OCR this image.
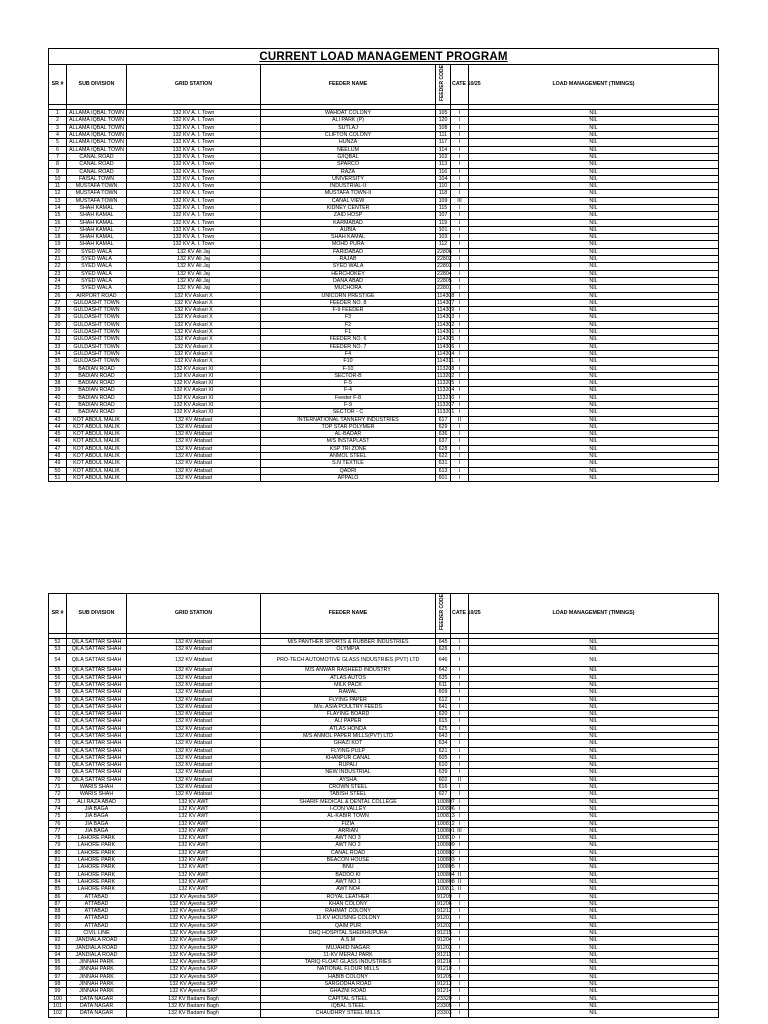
CURRENT LOAD MANAGEMENT PROGRAM						
SR #	SUB DIVISION	GRID STATION	FEEDER NAME	FEEDER CODE	CATE 10/25	LOAD MANAGEMENT (TIMINGS)

1	ALLAMA IQBAL TOWN	132 KV A. I. Town	WAHDAT COLONY	105	I	NIL
2	ALLAMA IQBAL TOWN	132 KV A. I. Town	ALI PARK (P)	120	I	NIL
3	ALLAMA IQBAL TOWN	132 KV A. I. Town	SUTLAJ	108	I	NIL
4	ALLAMA IQBAL TOWN	132 KV A. I. Town	CLIFTON COLONY	111	I	NIL
5	ALLAMA IQBAL TOWN	132 KV A. I. Town	HUNZA	117	I	NIL
6	ALLAMA IQBAL TOWN	132 KV A. I. Town	NEELUM	114	I	NIL
7	CANAL ROAD	132 KV A. I. Town	G/IQBAL	102	I	NIL
8	CANAL ROAD	132 KV A. I. Town	SPARCO	113	I	NIL
9	CANAL ROAD	132 KV A. I. Town	RAZA	116	I	NIL
10	FAISAL TOWN	132 KV A. I. Town	UNIVERSITY	104	I	NIL
11	MUSTAFA TOWN	132 KV A. I. Town	INDUSTRIAL-II	110	I	NIL
12	MUSTAFA TOWN	132 KV A. I. Town	MUSTAFA TOWN-II	118	I	NIL
13	MUSTAFA TOWN	132 KV A. I. Town	CANAL VIEW	109	III	NIL
14	SHAH KAMAL	132 KV A. I. Town	KIDNEY CENTER	115	I	NIL
15	SHAH KAMAL	132 KV A. I. Town	ZAID HOSP	107	I	NIL
16	SHAH KAMAL	132 KV A. I. Town	KARMABAD	119	I	NIL
17	SHAH KAMAL	132 KV A. I. Town	AUBIA	101	I	NIL
18	SHAH KAMAL	132 KV A. I. Town	SHAH KAMAL	103	I	NIL
19	SHAH KAMAL	132 KV A. I. Town	MOHD PURA	112	I	NIL
20	SYED WALA	132 KV Ali Jaj	FARIDABAD	22806	I	NIL
21	SYED WALA	132 KV Ali Jaj	RAJAB	22802	I	NIL
22	SYED WALA	132 KV Ali Jaj	SYED WALA	22803	I	NIL
23	SYED WALA	132 KV Ali Jaj	HERCHOKEY	22804	I	NIL
24	SYED WALA	132 KV Ali Jaj	DANA ABAD	22805	I	NIL
25	SYED WALA	132 KV Ali Jaj	MUCHORA	22801	I	NIL
26	AIRPORT ROAD	132 KV Askari X	UNICORN PRESTIGE	114308	I	NIL
27	GULDASHT TOWN	132 KV Askari X	FEEDER NO. 8	114307	I	NIL
28	GULDASHT TOWN	132 KV Askari X	F-9 FEEDER	114309	I	NIL
29	GULDASHT TOWN	132 KV Askari X	F3	114303	I	NIL
30	GULDASHT TOWN	132 KV Askari X	F2	114302	I	NIL
31	GULDASHT TOWN	132 KV Askari X	F1	114301	I	NIL
32	GULDASHT TOWN	132 KV Askari X	FEEDER NO. 6	114305	I	NIL
33	GULDASHT TOWN	132 KV Askari X	FEEDER NO. 7	114306	I	NIL
34	GULDASHT TOWN	132 KV Askari X	F4	114304	I	NIL
35	GULDASHT TOWN	132 KV Askari X	F10	114311	I	NIL
36	BADIAN ROAD	132 KV Askari XI	F-10	113208	I	NIL
37	BADIAN ROAD	132 KV Askari XI	SECTOR-B	113202	I	NIL
38	BADIAN ROAD	132 KV Askari XI	F-5	113205	I	NIL
39	BADIAN ROAD	132 KV Askari XI	F-4	113204	I	NIL
40	BADIAN ROAD	132 KV Askari XI	Feeder F-8	113210	I	NIL
41	BADIAN ROAD	132 KV Askari XI	F-9	113207	I	NIL
42	BADIAN ROAD	132 KV Askari XI	SECTOR - C	113201	I	NIL
43	KOT ABDUL MALIK	132 KV Attabad	INTERNATIONAL TANNERY INDUSTRIES	617	II	NIL
44	KOT ABDUL MALIK	132 KV Attabad	TOP STAR POLYMER	629	I	NIL
45	KOT ABDUL MALIK	132 KV Attabad	AL-BADAR	636	I	NIL
46	KOT ABDUL MALIK	132 KV Attabad	M/S INSTAPLAST	637	I	NIL
47	KOT ABDUL MALIK	132 KV Attabad	KSP TRI ZONE	628	I	NIL
48	KOT ABDUL MALIK	132 KV Attabad	ANMOL STEEL	622	I	NIL
49	KOT ABDUL MALIK	132 KV Attabad	S.N TEXTILE	631	I	NIL
50	KOT ABDUL MALIK	132 KV Attabad	QADRI	613	I	NIL
51	KOT ABDUL MALIK	132 KV Attabad	APPALO	601	I	NIL
SR #	SUB DIVISION	GRID STATION	FEEDER NAME	FEEDER CODE	CATE 10/25	LOAD MANAGEMENT (TIMINGS)

52	QILA SATTAR SHAH	132 KV Attabad	M/S PANTHER SPORTS & RUBBER INDUSTRIES	645	I	NIL
53	QILA SATTAR SHAH	132 KV Attabad	OLYMPIA	626	I	NIL
54	QILA SATTAR SHAH	132 KV Attabad	PRO-TECH AUTOMOTIVE GLASS INDUSTRIES (PVT) LTD	646	I	NIL
55	QILA SATTAR SHAH	132 KV Attabad	M/S ANWAR RASHEED INDUSTRY	642	I	NIL
56	QILA SATTAR SHAH	132 KV Attabad	ATLAS AUTOS	635	I	NIL
57	QILA SATTAR SHAH	132 KV Attabad	MILK PACK	611	I	NIL
58	QILA SATTAR SHAH	132 KV Attabad	RAWAL	609	I	NIL
59	QILA SATTAR SHAH	132 KV Attabad	FLYING PAPER	612	I	NIL
60	QILA SATTAR SHAH	132 KV Attabad	M/s. ASIA POULTRY FEEDS	641	I	NIL
61	QILA SATTAR SHAH	132 KV Attabad	FLAYING BOARD	620	I	NIL
62	QILA SATTAR SHAH	132 KV Attabad	ALI PAPER	615	I	NIL
63	QILA SATTAR SHAH	132 KV Attabad	ATLAS HONDA	625	I	NIL
64	QILA SATTAR SHAH	132 KV Attabad	M/S ANMOL PAPER MILLS(PVT) LTD	643	I	NIL
65	QILA SATTAR SHAH	132 KV Attabad	GHAZI KOT	634	I	NIL
66	QILA SATTAR SHAH	132 KV Attabad	FLYING PULP	621	I	NIL
67	QILA SATTAR SHAH	132 KV Attabad	KHANPUR CANAL	605	I	NIL
68	QILA SATTAR SHAH	132 KV Attabad	RUPALI	610	I	NIL
69	QILA SATTAR SHAH	132 KV Attabad	NEW INDUSTRIAL	639	I	NIL
70	QILA SATTAR SHAH	132 KV Attabad	AYSHA	602	II	NIL
71	WARIS SHAH	132 KV Attabad	CROWN STEEL	616	I	NIL
72	WARIS SHAH	132 KV Attabad	TABISH STEEL	627	I	NIL
73	ALI RAZA ABAD	132 KV AWT	SHARIF MEDICAL & DENTAL COLLEGE	100807	I	NIL
74	JIA BAGA	132 KV AWT	I-CON VALLEY	100806	I	NIL
75	JIA BAGA	132 KV AWT	AL-KABIR TOWN	100813	I	NIL
76	JIA BAGA	132 KV AWT	FIZIA	100812	I	NIL
77	JIA BAGA	132 KV AWT	ARRIAN	100801	III	NIL
78	LAHORE PARK	132 KV AWT	AWT NO 3	100810	I	NIL
79	LAHORE PARK	132 KV AWT	AWT NO 2	100809	I	NIL
80	LAHORE PARK	132 KV AWT	CANAL ROAD	100802	I	NIL
81	LAHORE PARK	132 KV AWT	BEACON HOUSE	100803	I	NIL
82	LAHORE PARK	132 KV AWT	BNU	100805	I	NIL
83	LAHORE PARK	132 KV AWT	BADDO KI	100804	II	NIL
84	LAHORE PARK	132 KV AWT	AWT NO 1	100808	II	NIL
85	LAHORE PARK	132 KV AWT	AWT NO4	100811	II	NIL
86	ATTABAD	132 KV Ayesha SKP	ROYAL LEATHER	91209	I	NIL
87	ATTABAD	132 KV Ayesha SKP	KHAN COLONY	91206	I	NIL
88	ATTABAD	132 KV Ayesha SKP	RAHMAT COLONY	91212	I	NIL
89	ATTABAD	132 KV Ayesha SKP	11 KV HOUSING COLONY	91201	I	NIL
90	ATTABAD	132 KV Ayesha SKP	QAIM PUR	91202	I	NIL
91	CIVIL LINE	132 KV Ayesha SKP	DHQ HOSPITAL SHEIKHUPURA	91215	I	NIL
92	JANDIALA ROAD	132 KV Ayesha SKP	A.S.M	91204	I	NIL
93	JANDIALA ROAD	132 KV Ayesha SKP	MUJAHID NAGAR	91203	I	NIL
94	JANDIALA ROAD	132 KV Ayesha SKP	11-KV MERAJ PARK	91211	I	NIL
95	JINNAH PARK	132 KV Ayesha SKP	TARIQ FLOAT GLASS INDUSTRIES	91216	I	NIL
96	JINNAH PARK	132 KV Ayesha SKP	NATIONAL FLOUR MILLS	91210	I	NIL
97	JINNAH PARK	132 KV Ayesha SKP	HABIB COLONY	91205	I	NIL
98	JINNAH PARK	132 KV Ayesha SKP	SARGODHA ROAD	91213	I	NIL
99	JINNAH PARK	132 KV Ayesha SKP	GHAZNI ROAD	91214	I	NIL
100	DATA NAGAR	132 KV Badami Bagh	CAPITAL STEEL	23320	I	NIL
101	DATA NAGAR	132 KV Badami Bagh	IQBAL STEEL	23305	I	NIL
102	DATA NAGAR	132 KV Badami Bagh	CHAUDHRY STEEL MILLS	23303	I	NIL
